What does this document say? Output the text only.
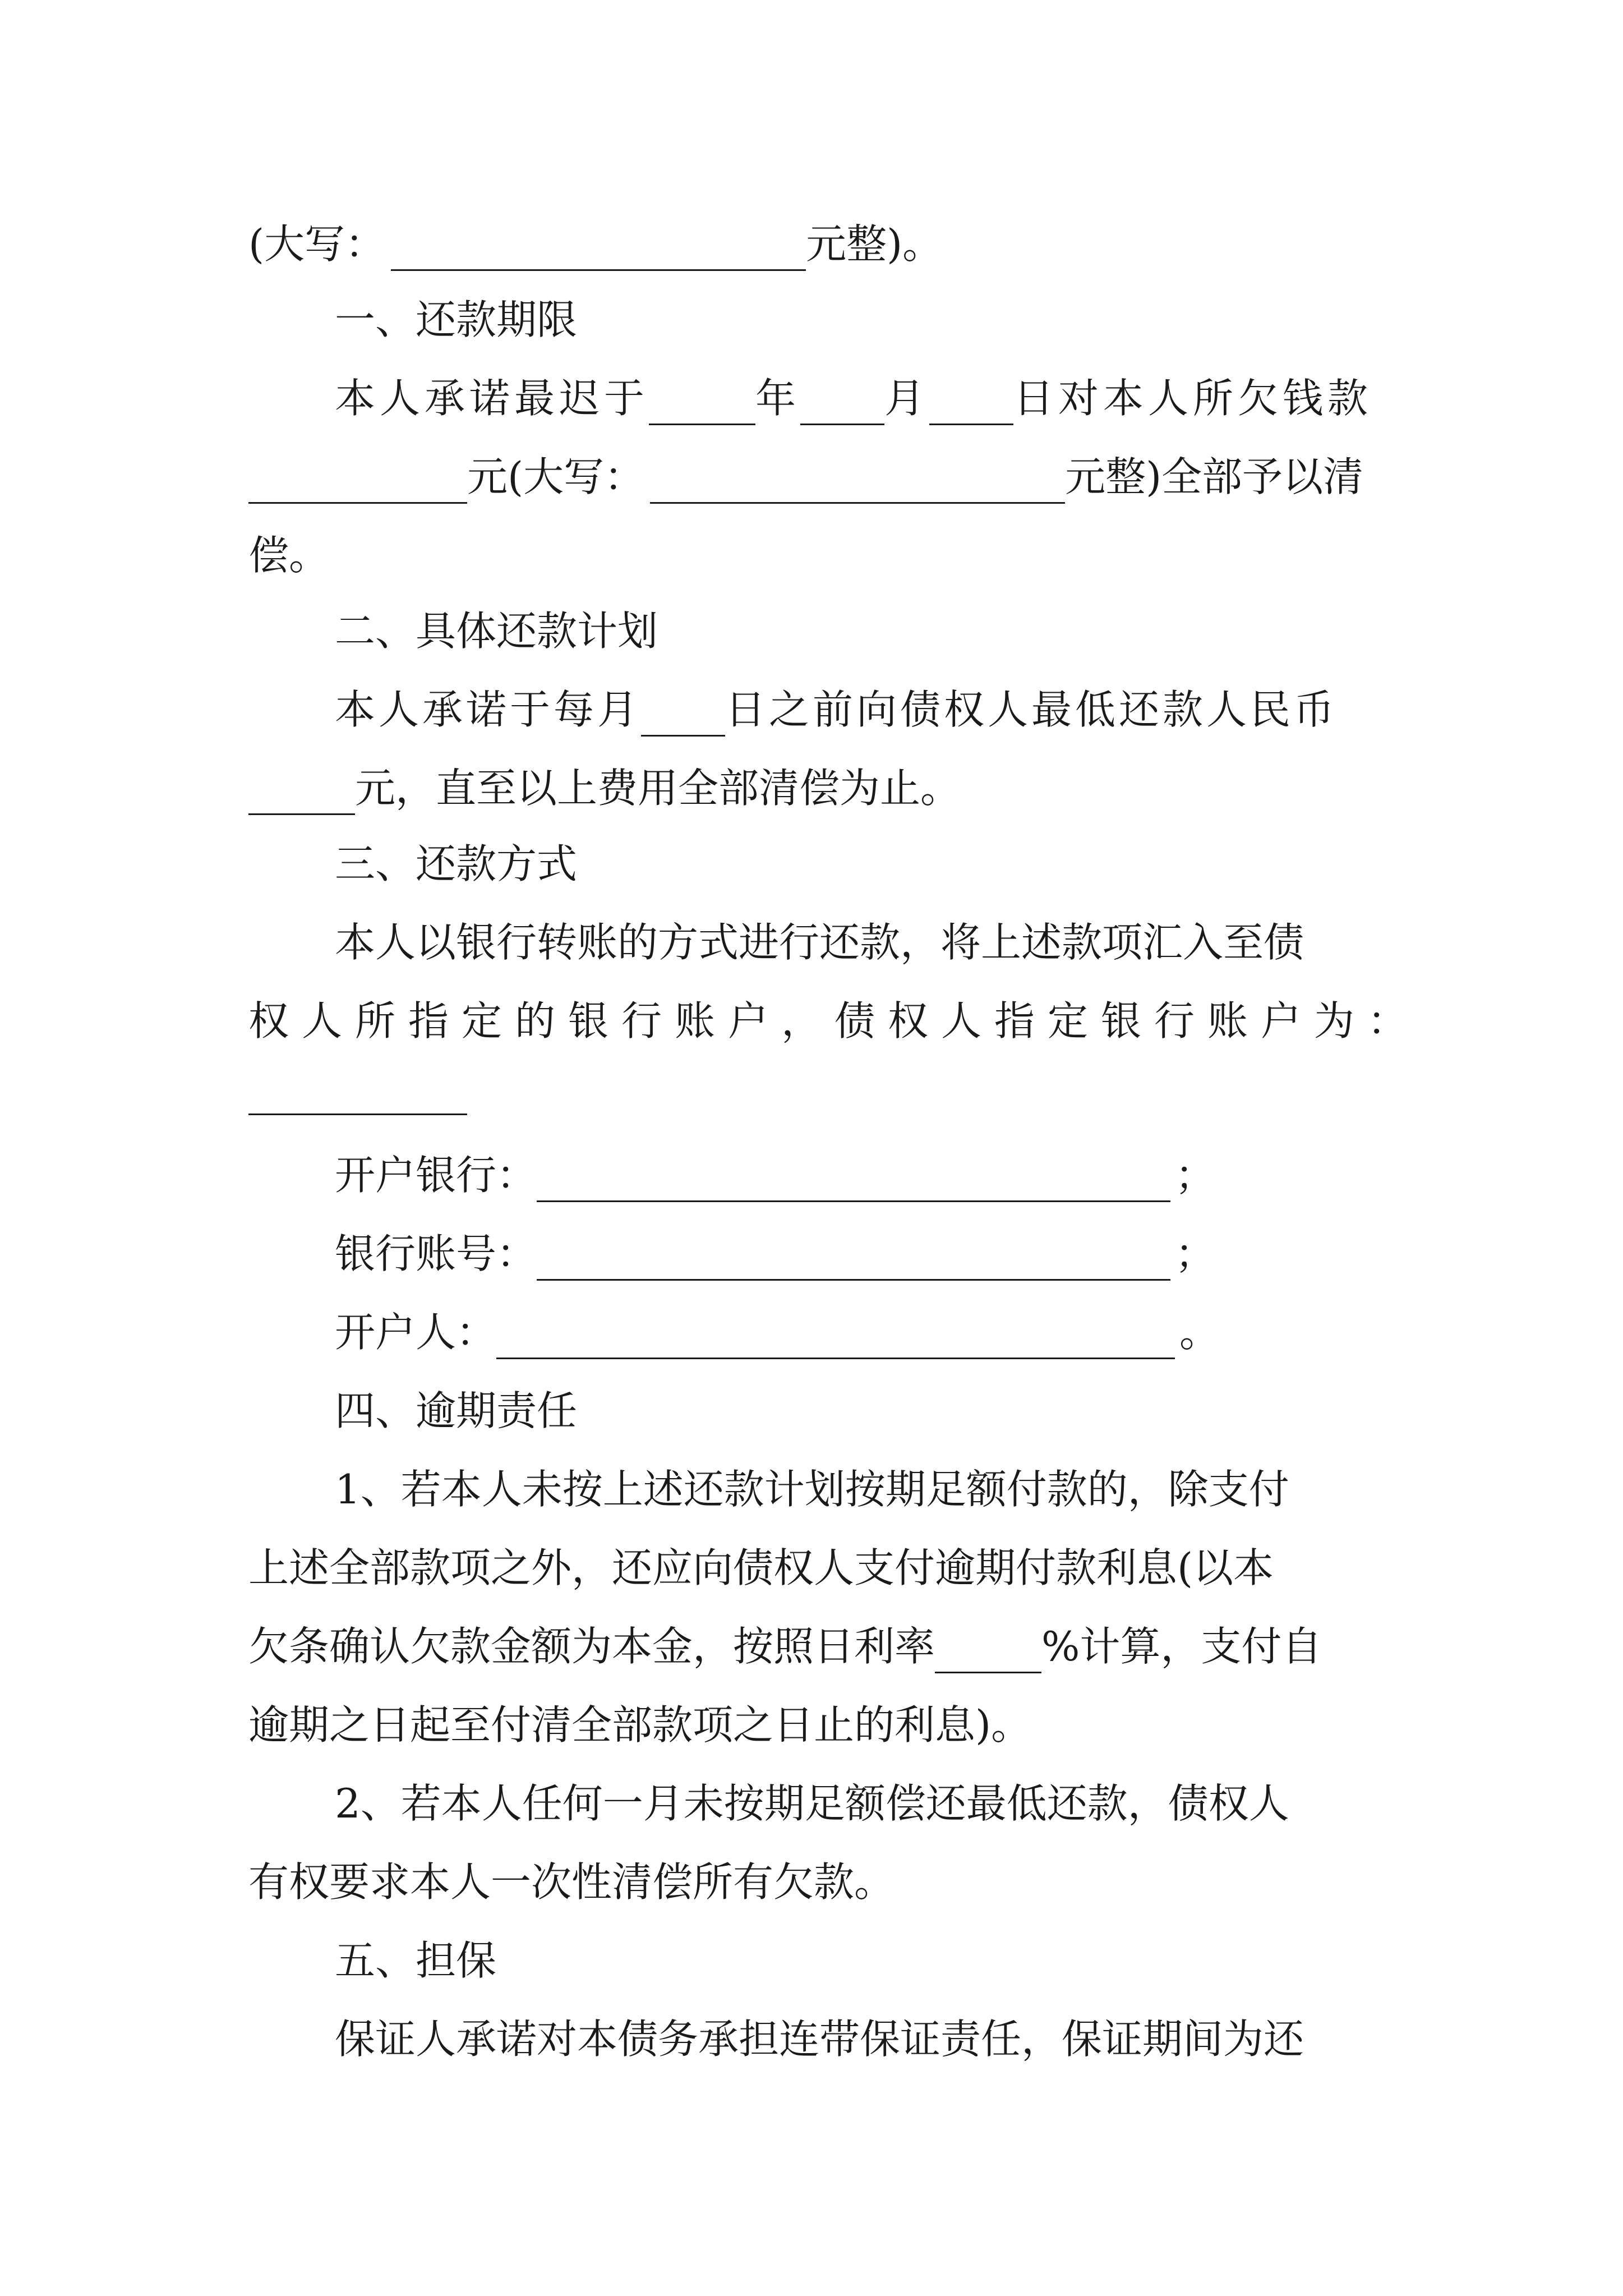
(大写：	元整)。
一、还款期限
本人承诺最迟于	年 月 日对本人所欠钱款
元(大写：	元整)全部予以清
偿。
二、具体还款计划
本人承诺于每月 日之前向债权人最低还款人民币
元，直至以上费用全部清偿为止。
三、还款方式
本人以银行转账的方式进行还款，将上述款项汇入至债
权人所指定的银行账户，债权人指定银行账户为：
开户银行：	；
银行账号：	；
开户人：	。
四、逾期责任
1、若本人未按上述还款计划按期足额付款的，除支付
上述全部款项之外，还应向债权人支付逾期付款利息(以本
欠条确认欠款金额为本金，按照日利率	%计算，支付自
逾期之日起至付清全部款项之日止的利息)。
2、若本人任何一月未按期足额偿还最低还款，债权人
有权要求本人一次性清偿所有欠款。
五、担保
保证人承诺对本债务承担连带保证责任，保证期间为还
